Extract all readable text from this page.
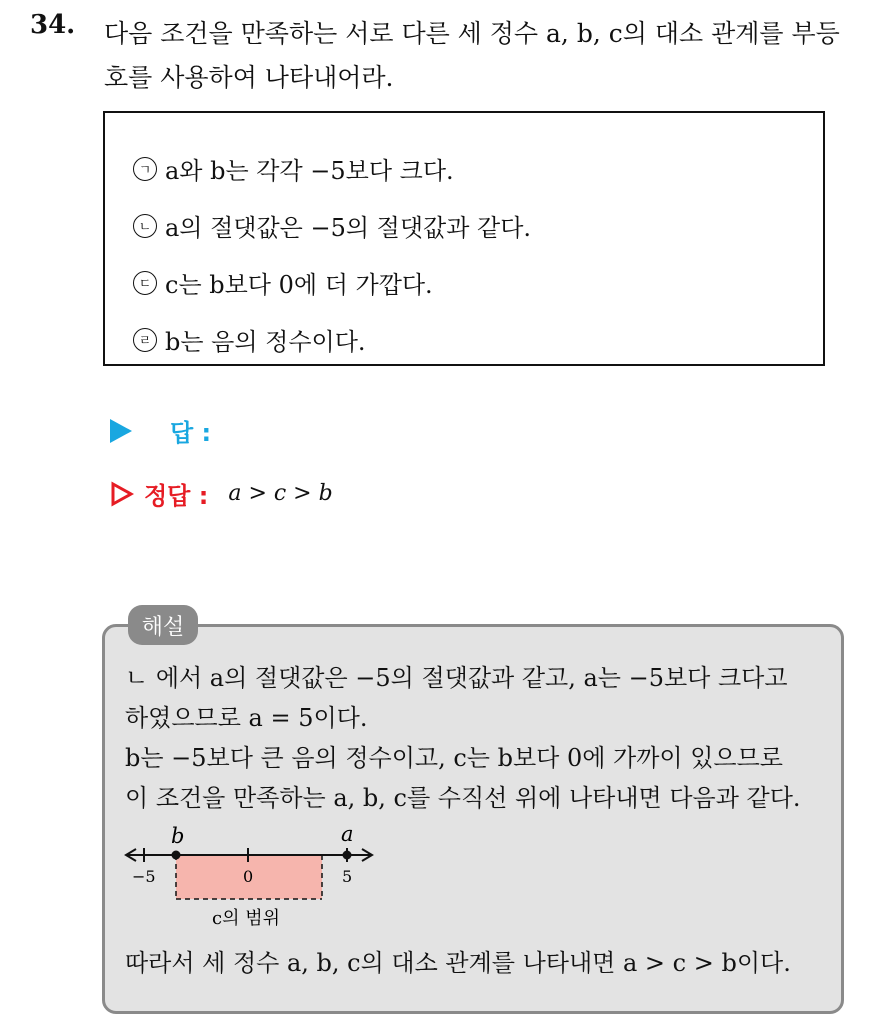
34. 다음 조건을 만족하는 서로 다른 세 정수 a, b, c의 대소 관계를 부등
호를 사용하여 나타내어라.
ㄱ a와 b는 각각 −5보다 크다.
ㄴ a의 절댓값은 −5의 절댓값과 같다.
ㄷ c는 b보다 0에 더 가깝다.
ㄹ b는 음의 정수이다.
답 :
정답 : a > c > b
해설
ㄴ 에서 a의 절댓값은 −5의 절댓값과 같고, a는 −5보다 크다고
하였으므로 a = 5이다.
b는 −5보다 큰 음의 정수이고, c는 b보다 0에 가까이 있으므로
이 조건을 만족하는 a, b, c를 수직선 위에 나타내면 다음과 같다.
b	a
−5	0	5
c의 범위
따라서 세 정수 a, b, c의 대소 관계를 나타내면 a > c > b이다.
